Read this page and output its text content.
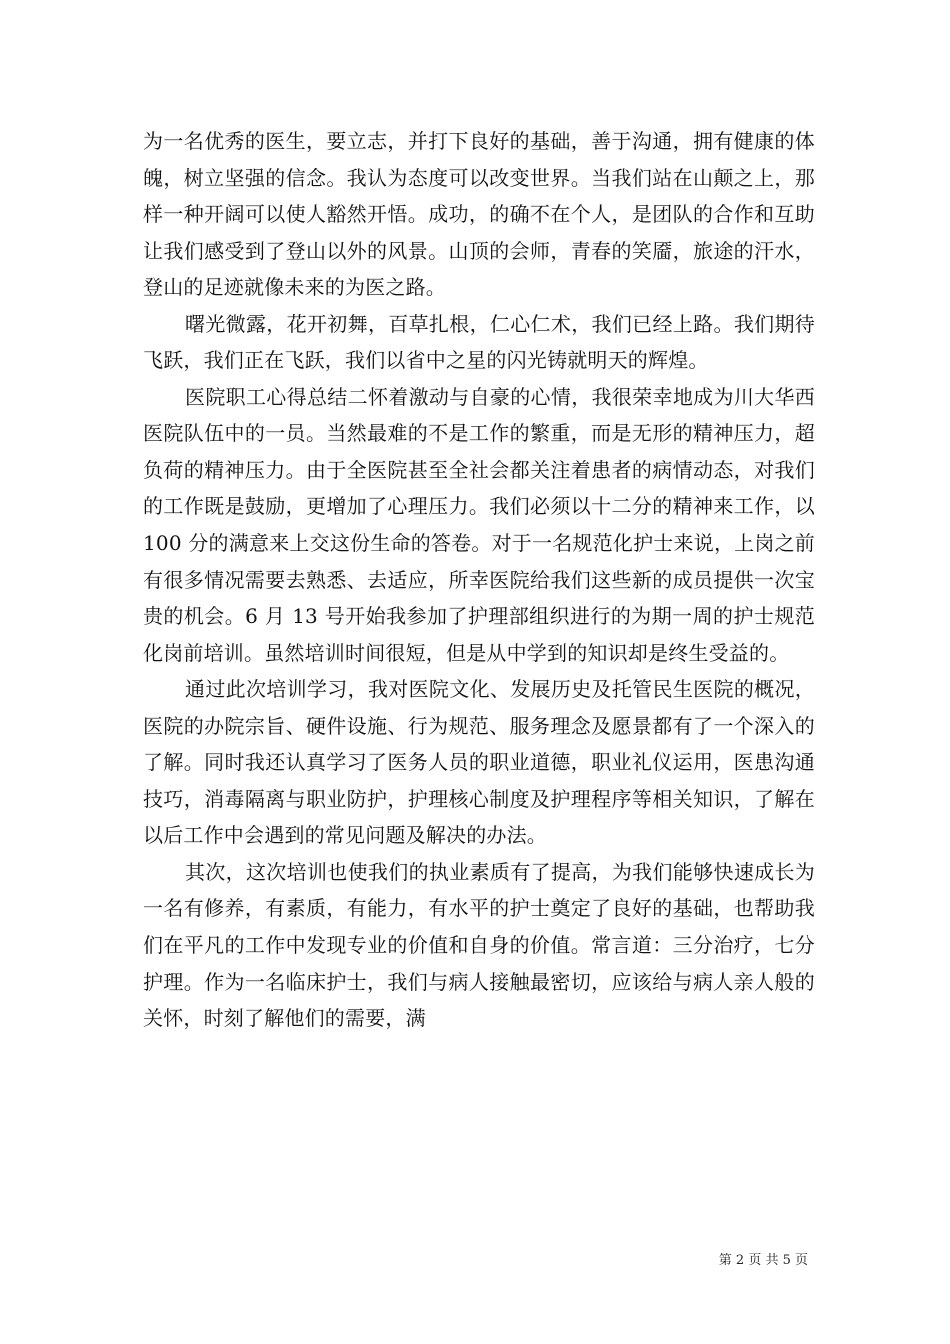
为一名优秀的医生，要立志，并打下良好的基础，善于沟通，拥有健康的体魄，树立坚强的信念。我认为态度可以改变世界。当我们站在山颠之上，那样一种开阔可以使人豁然开悟。成功，的确不在个人，是团队的合作和互助让我们感受到了登山以外的风景。山顶的会师，青春的笑靥，旅途的汗水，登山的足迹就像未来的为医之路。

曙光微露，花开初舞，百草扎根，仁心仁术，我们已经上路。我们期待飞跃，我们正在飞跃，我们以省中之星的闪光铸就明天的辉煌。

医院职工心得总结二怀着激动与自豪的心情，我很荣幸地成为川大华西医院队伍中的一员。当然最难的不是工作的繁重，而是无形的精神压力，超负荷的精神压力。由于全医院甚至全社会都关注着患者的病情动态，对我们的工作既是鼓励，更增加了心理压力。我们必须以十二分的精神来工作，以 100 分的满意来上交这份生命的答卷。对于一名规范化护士来说，上岗之前有很多情况需要去熟悉、去适应，所幸医院给我们这些新的成员提供一次宝贵的机会。6 月 13 号开始我参加了护理部组织进行的为期一周的护士规范化岗前培训。虽然培训时间很短，但是从中学到的知识却是终生受益的。

通过此次培训学习，我对医院文化、发展历史及托管民生医院的概况，医院的办院宗旨、硬件设施、行为规范、服务理念及愿景都有了一个深入的了解。同时我还认真学习了医务人员的职业道德，职业礼仪运用，医患沟通技巧，消毒隔离与职业防护，护理核心制度及护理程序等相关知识，了解在以后工作中会遇到的常见问题及解决的办法。

其次，这次培训也使我们的执业素质有了提高，为我们能够快速成长为一名有修养，有素质，有能力，有水平的护士奠定了良好的基础，也帮助我们在平凡的工作中发现专业的价值和自身的价值。常言道：三分治疗，七分护理。作为一名临床护士，我们与病人接触最密切，应该给与病人亲人般的关怀，时刻了解他们的需要，满

第 2 页 共 5 页
